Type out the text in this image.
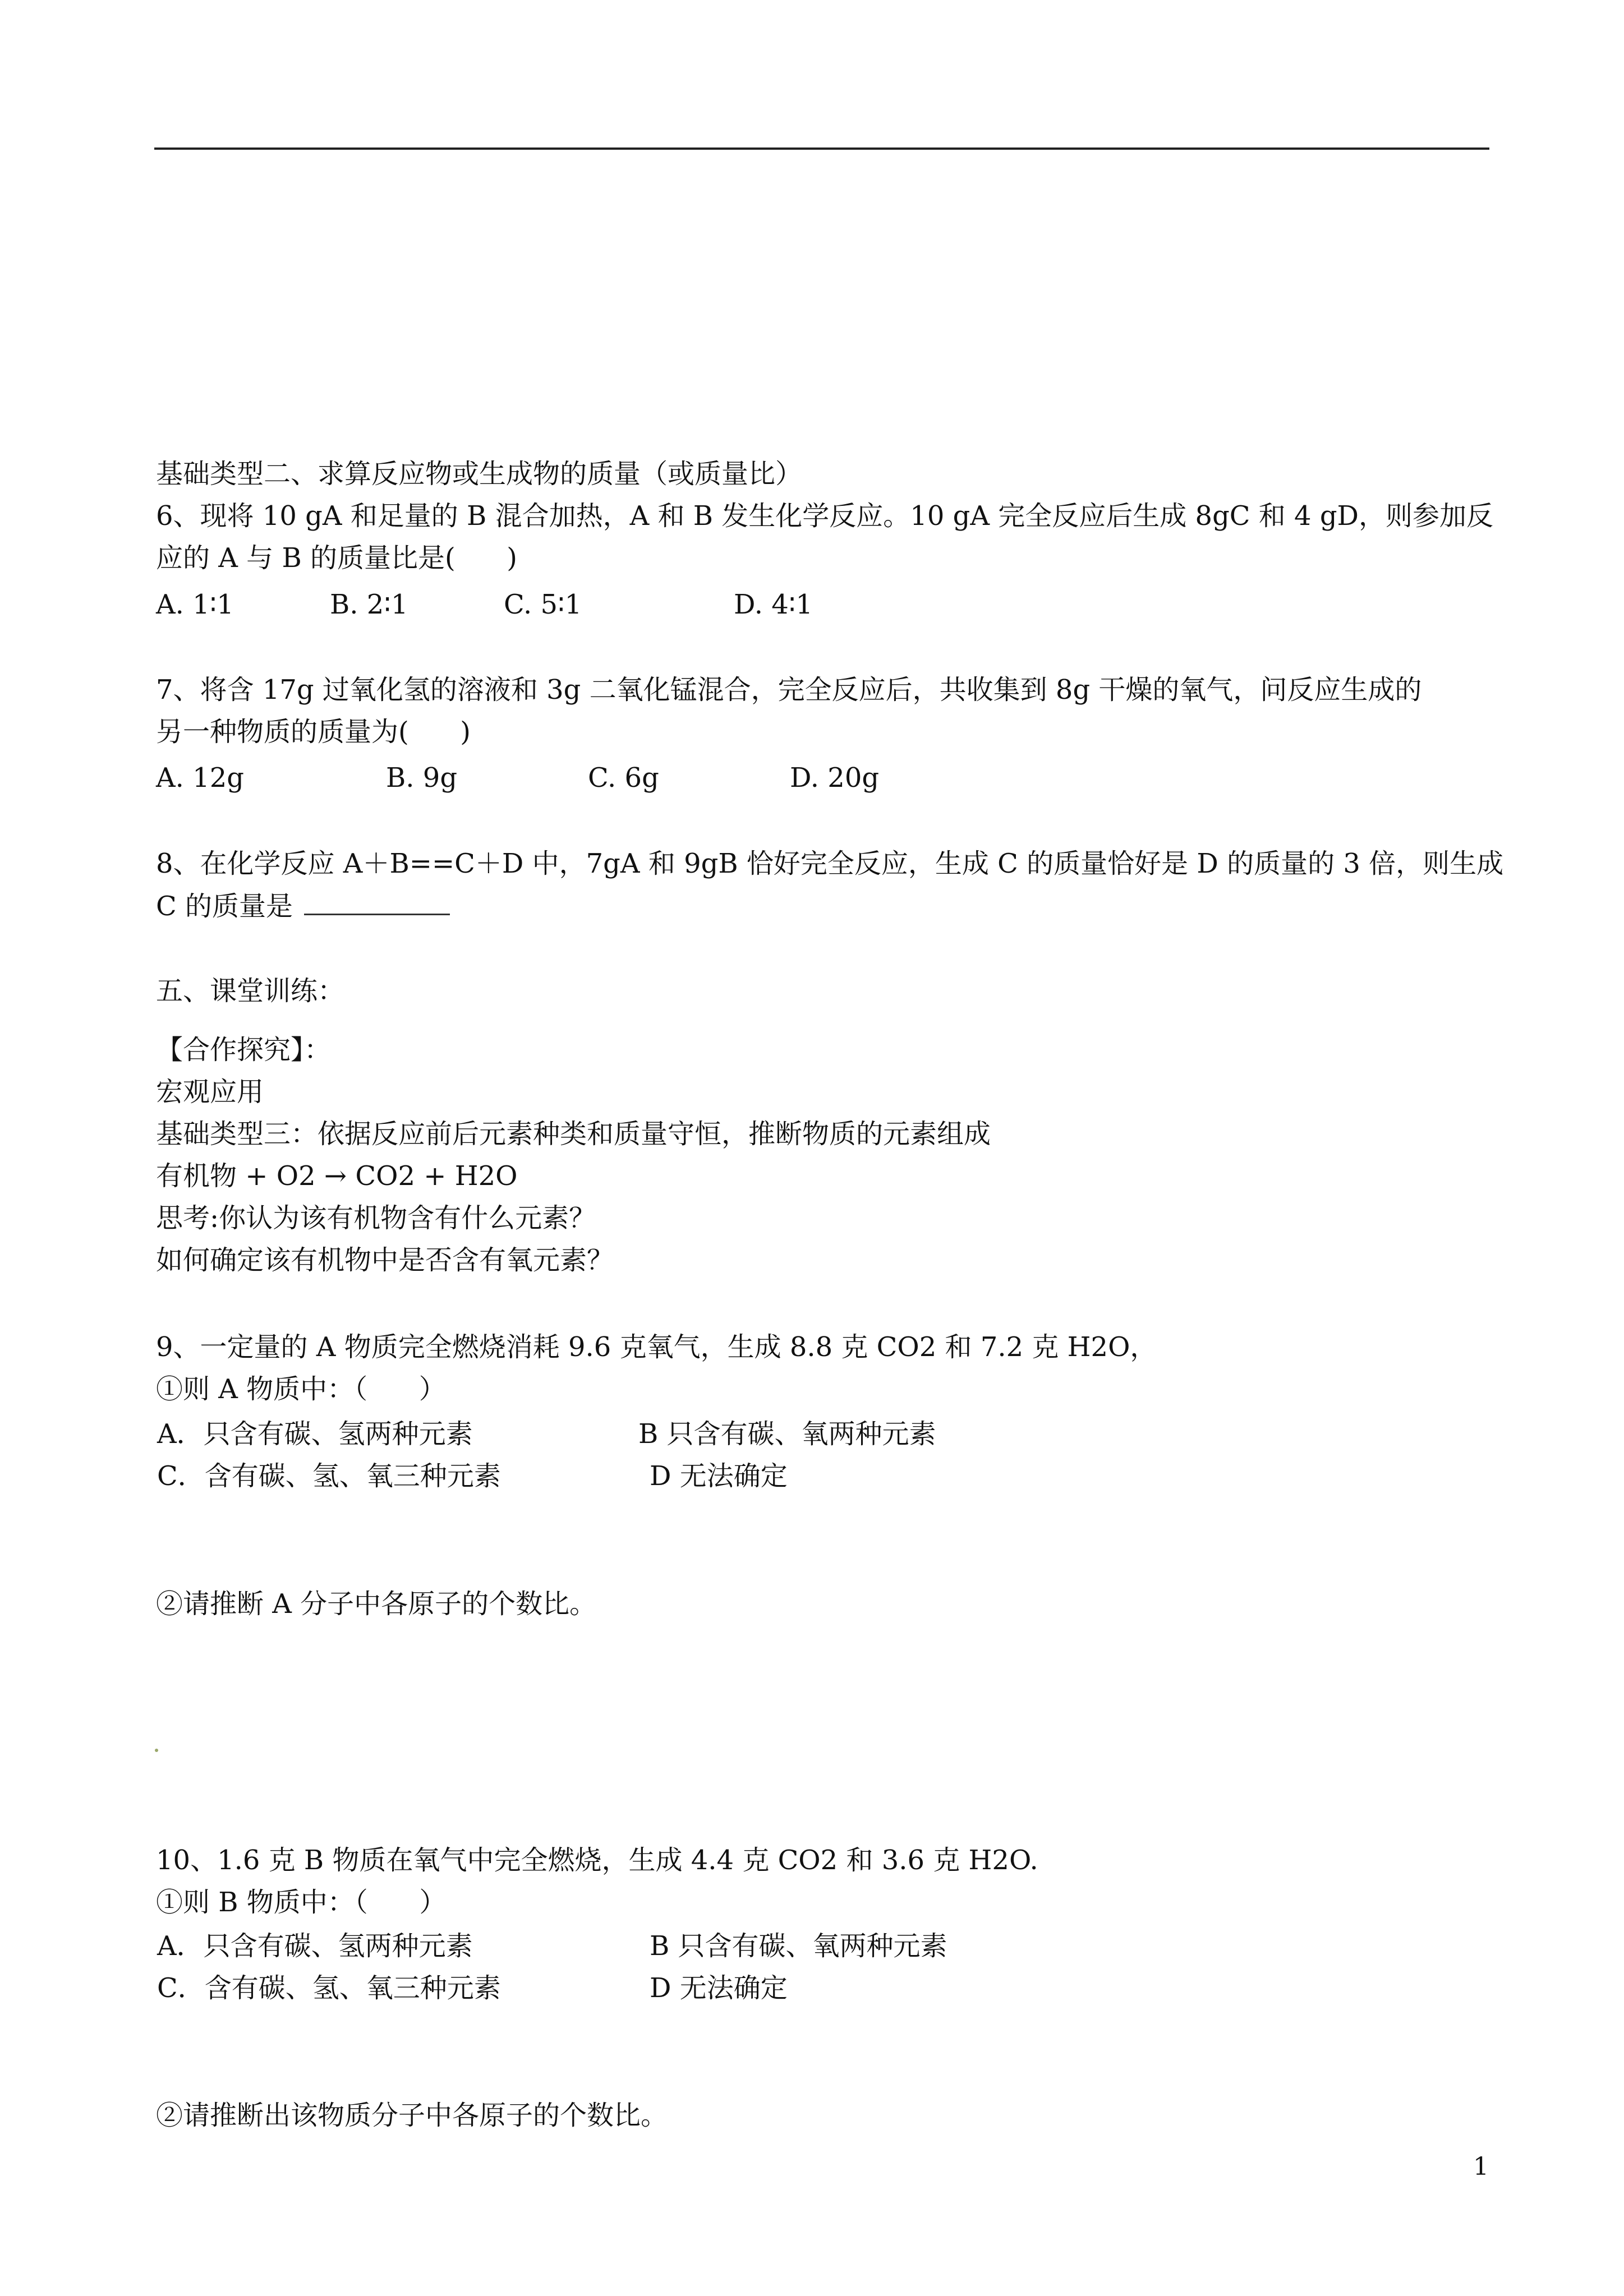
基础类型二、求算反应物或生成物的质量（或质量比）
6、现将 10 gA 和足量的 B 混合加热，A 和 B 发生化学反应。10 gA 完全反应后生成 8gC 和 4 gD，则参加反
应的 A 与 B 的质量比是(      )
A. 1∶1	B. 2∶1	C. 5∶1	D. 4∶1
7、将含 17g 过氧化氢的溶液和 3g 二氧化锰混合，完全反应后，共收集到 8g 干燥的氧气，问反应生成的
另一种物质的质量为(      )
A. 12g	B. 9g	C. 6g	D. 20g
8、在化学反应 A＋B==C＋D 中，7gA 和 9gB 恰好完全反应，生成 C 的质量恰好是 D 的质量的 3 倍，则生成
C 的质量是
五、课堂训练：
【合作探究】：
宏观应用
基础类型三：依据反应前后元素种类和质量守恒，推断物质的元素组成
有机物 + O2 → CO2 + H2O
思考:你认为该有机物含有什么元素？
如何确定该有机物中是否含有氧元素？
9、一定量的 A 物质完全燃烧消耗 9.6 克氧气，生成 8.8 克 CO2 和 7.2 克 H2O，
①则 A 物质中：（      ）
A．只含有碳、氢两种元素	B 只含有碳、氧两种元素
C．含有碳、氢、氧三种元素	D 无法确定
②请推断 A 分子中各原子的个数比。
10、1.6 克 B 物质在氧气中完全燃烧，生成 4.4 克 CO2 和 3.6 克 H2O.
①则 B 物质中：（      ）
A．只含有碳、氢两种元素	B 只含有碳、氧两种元素
C．含有碳、氢、氧三种元素	D 无法确定
②请推断出该物质分子中各原子的个数比。
1
